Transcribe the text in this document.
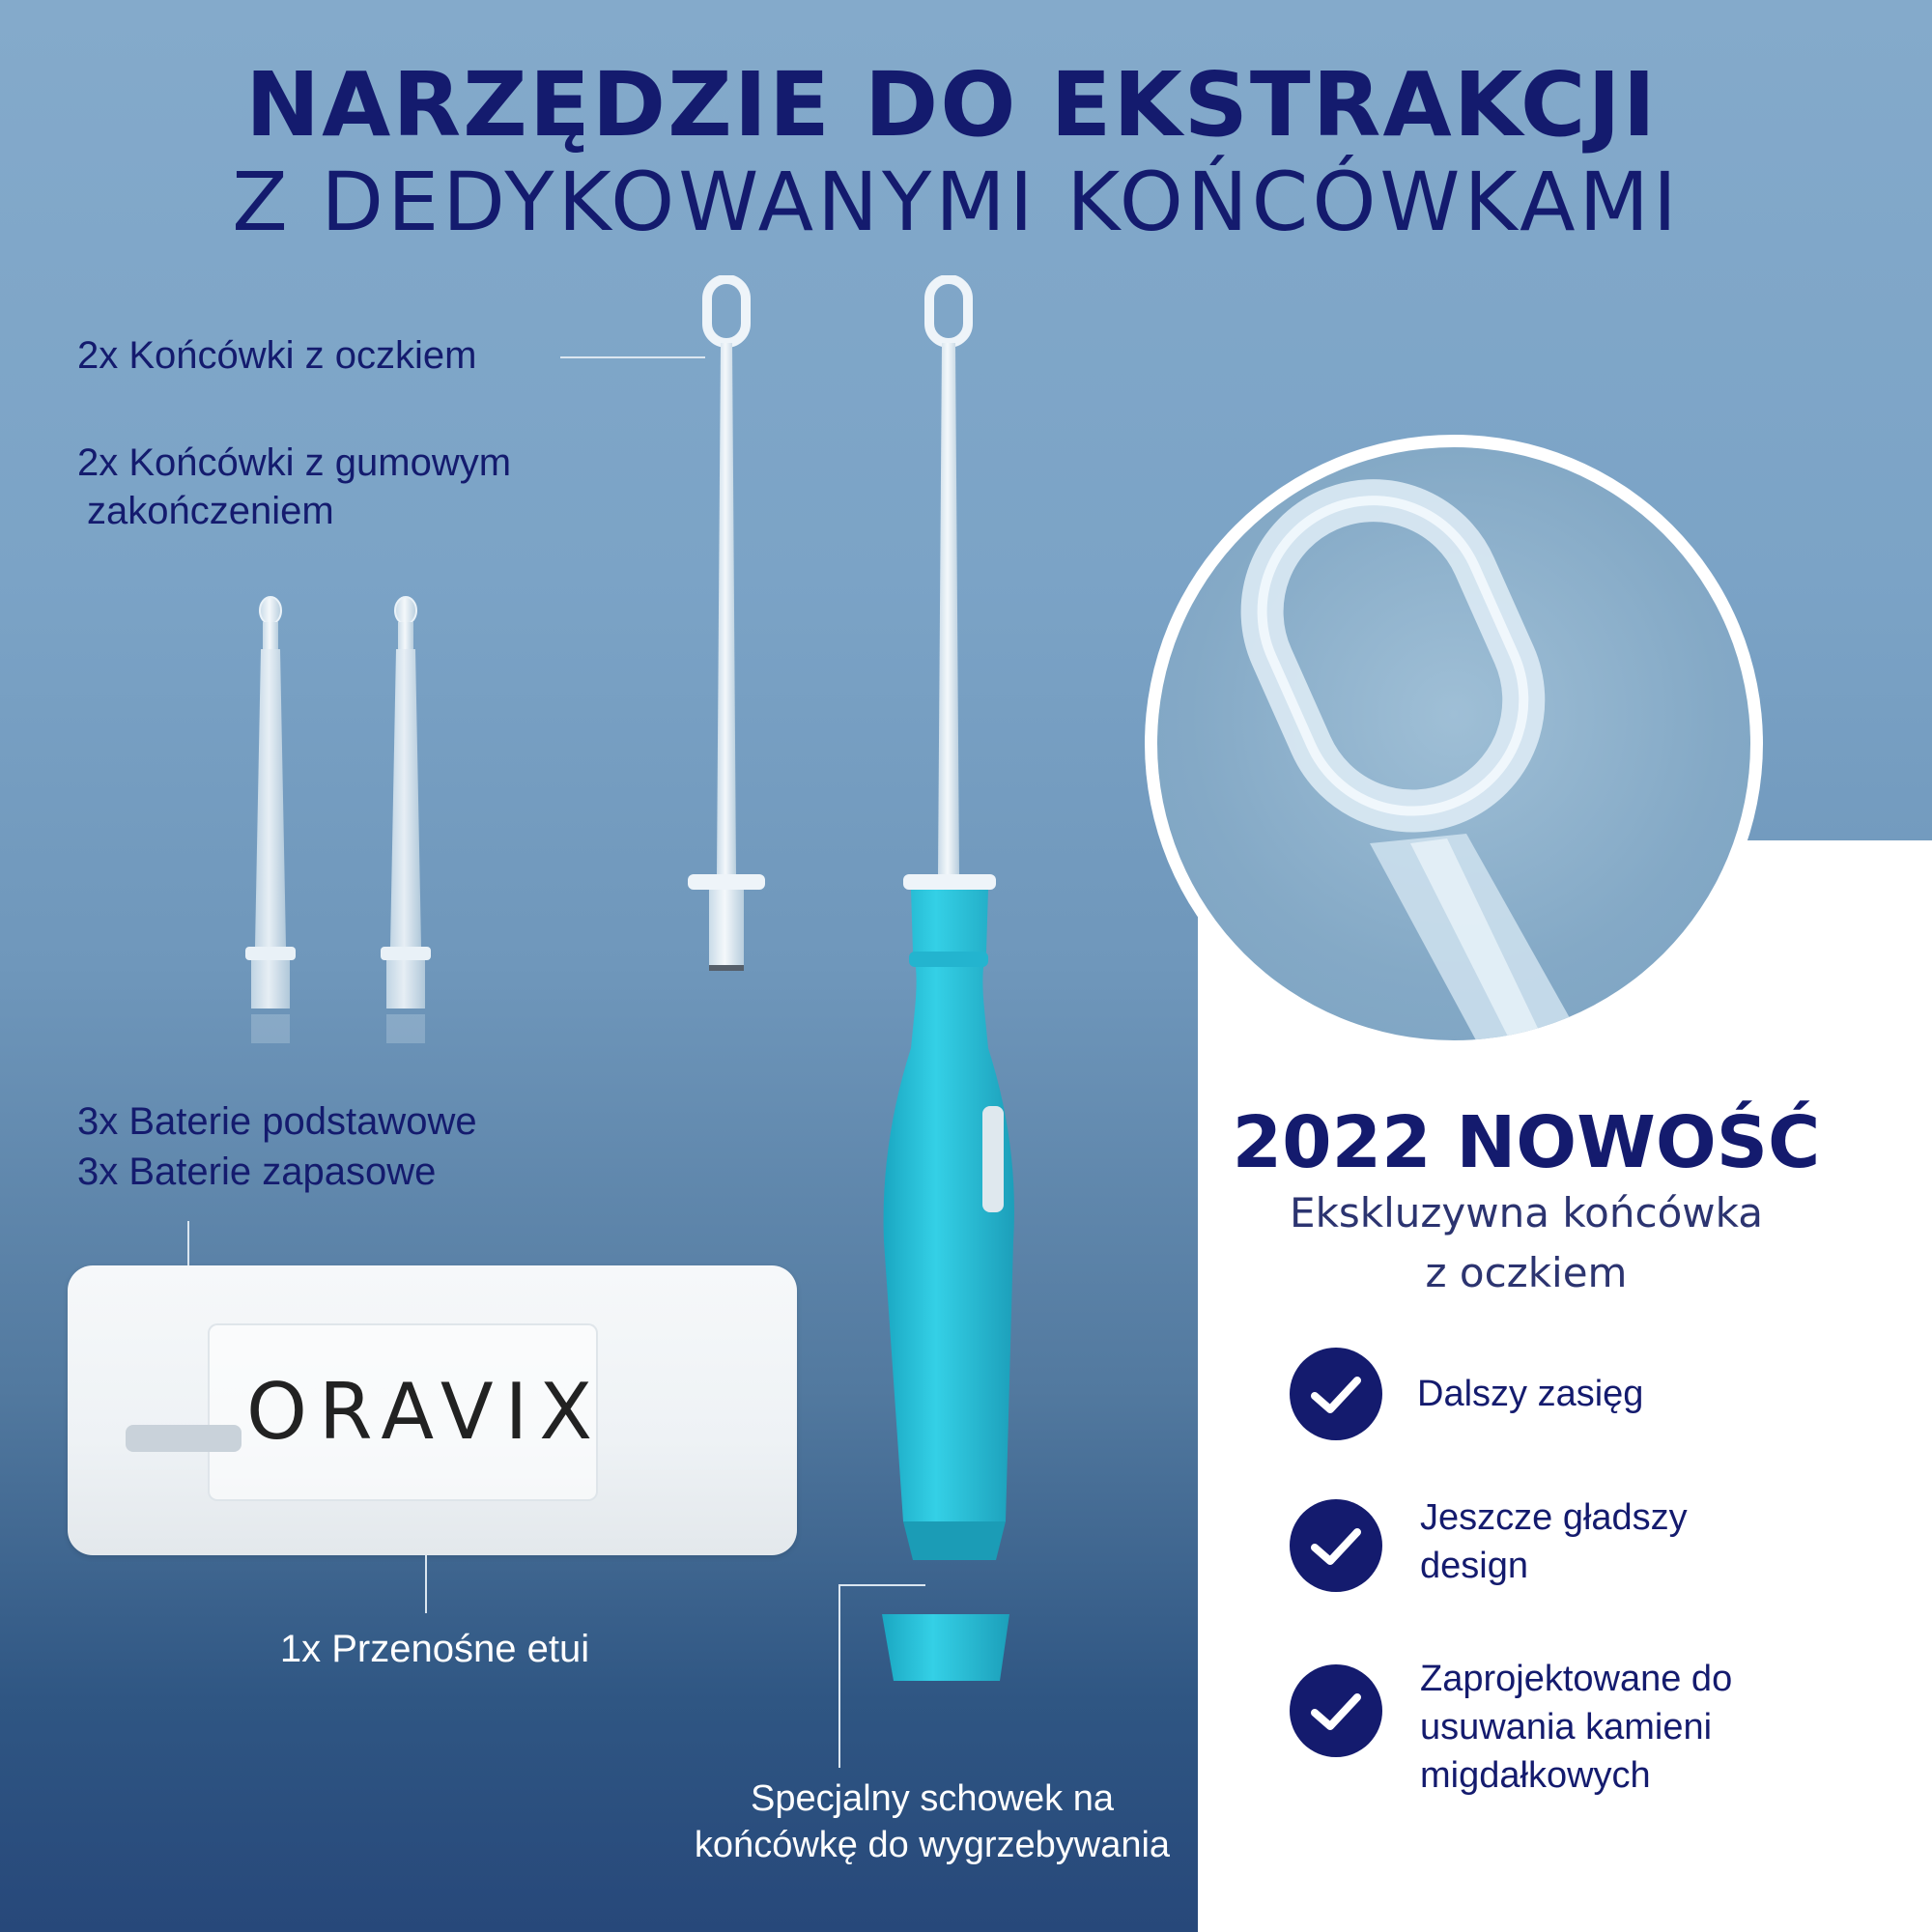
NARZĘDZIE DO EKSTRAKCJI
Z DEDYKOWANYMI KOŃCÓWKAMI
2x Końcówki z oczkiem
2x Końcówki z gumowym
zakończeniem
3x Baterie podstawowe
3x Baterie zapasowe
ORAVIX
1x Przenośne etui
Specjalny schowek na
końcówkę do wygrzebywania
2022 NOWOŚĆ
Ekskluzywna końcówka
z oczkiem
Dalszy zasięg
Jeszcze gładszy
design
Zaprojektowane do
usuwania kamieni
migdałkowych
